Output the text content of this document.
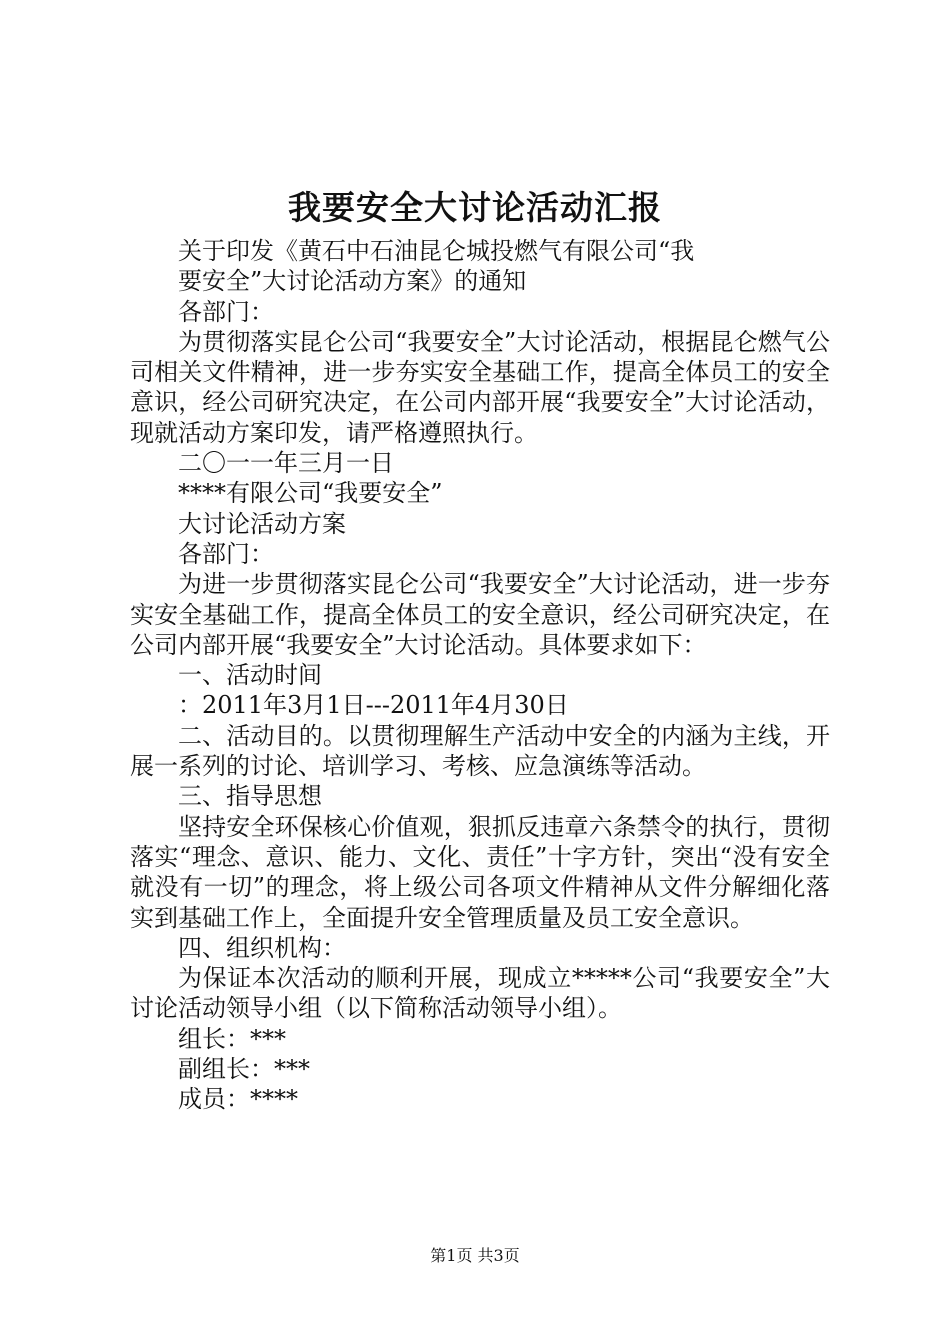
我要安全大讨论活动汇报

关于印发《黄石中石油昆仑城投燃气有限公司“我

要安全”大讨论活动方案》的通知

各部门：

为贯彻落实昆仑公司“我要安全”大讨论活动，根据昆仑燃气公司相关文件精神，进一步夯实安全基础工作，提高全体员工的安全意识，经公司研究决定，在公司内部开展“我要安全”大讨论活动，现就活动方案印发，请严格遵照执行。

二〇一一年三月一日

****有限公司“我要安全”

大讨论活动方案

各部门：

为进一步贯彻落实昆仑公司“我要安全”大讨论活动，进一步夯实安全基础工作，提高全体员工的安全意识，经公司研究决定，在公司内部开展“我要安全”大讨论活动。具体要求如下：

一、活动时间

：2011年3月1日---2011年4月30日

二、活动目的。以贯彻理解生产活动中安全的内涵为主线，开展一系列的讨论、培训学习、考核、应急演练等活动。

三、指导思想

坚持安全环保核心价值观，狠抓反违章六条禁令的执行，贯彻落实“理念、意识、能力、文化、责任”十字方针，突出“没有安全就没有一切”的理念，将上级公司各项文件精神从文件分解细化落实到基础工作上，全面提升安全管理质量及员工安全意识。

四、组织机构：

为保证本次活动的顺利开展，现成立*****公司“我要安全”大讨论活动领导小组（以下简称活动领导小组）。

组长：***

副组长：***

成员：****

第1页 共3页
